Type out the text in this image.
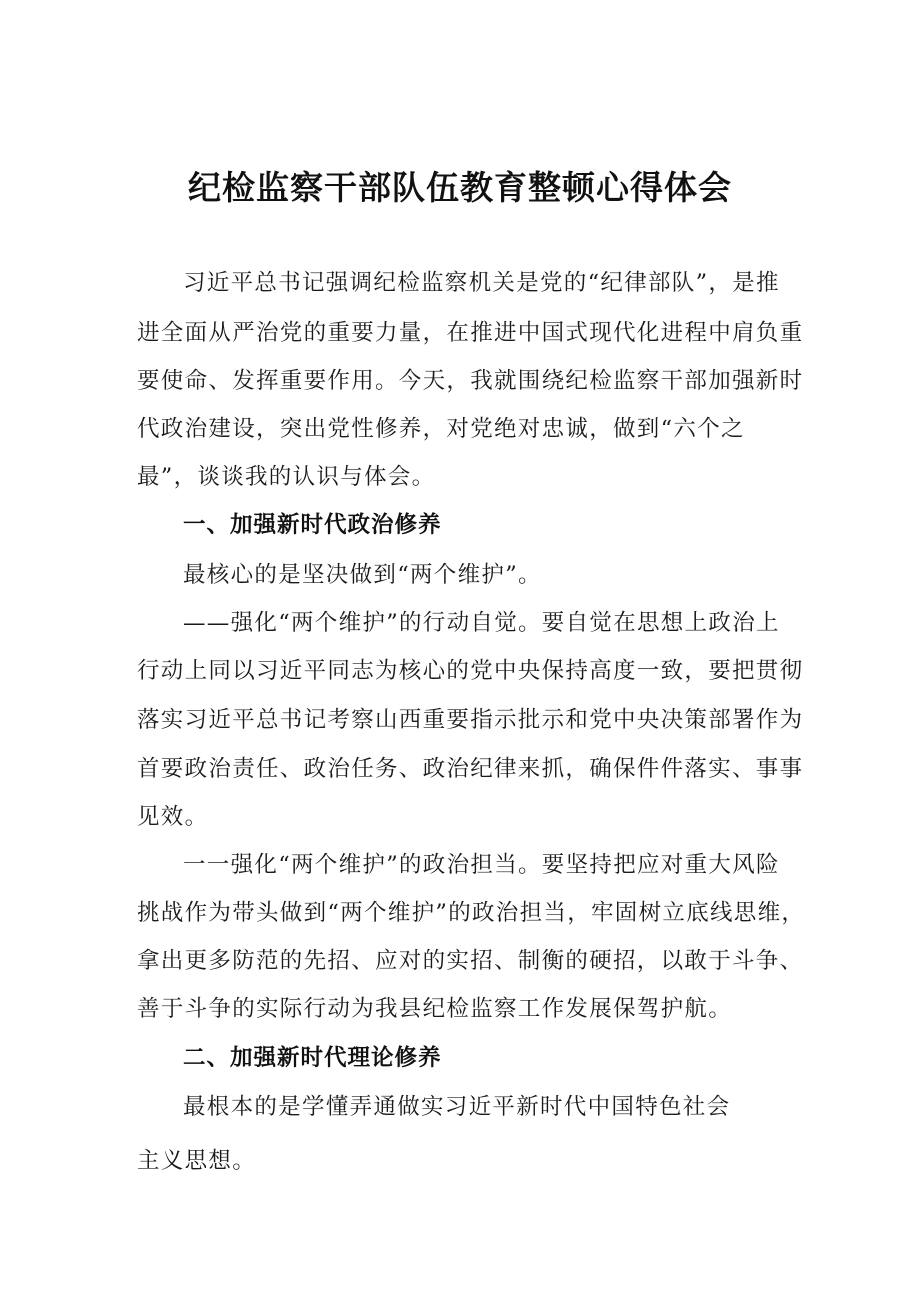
纪检监察干部队伍教育整顿心得体会
习近平总书记强调纪检监察机关是党的“纪律部队”，是推
进全面从严治党的重要力量，在推进中国式现代化进程中肩负重
要使命、发挥重要作用。今天，我就围绕纪检监察干部加强新时
代政治建设，突出党性修养，对党绝对忠诚，做到“六个之
最”，谈谈我的认识与体会。
一、加强新时代政治修养
最核心的是坚决做到“两个维护”。
——强化“两个维护”的行动自觉。要自觉在思想上政治上
行动上同以习近平同志为核心的党中央保持高度一致，要把贯彻
落实习近平总书记考察山西重要指示批示和党中央决策部署作为
首要政治责任、政治任务、政治纪律来抓，确保件件落实、事事
见效。
一一强化“两个维护”的政治担当。要坚持把应对重大风险
挑战作为带头做到“两个维护”的政治担当，牢固树立底线思维，
拿出更多防范的先招、应对的实招、制衡的硬招，以敢于斗争、
善于斗争的实际行动为我县纪检监察工作发展保驾护航。
二、加强新时代理论修养
最根本的是学懂弄通做实习近平新时代中国特色社会
主义思想。
